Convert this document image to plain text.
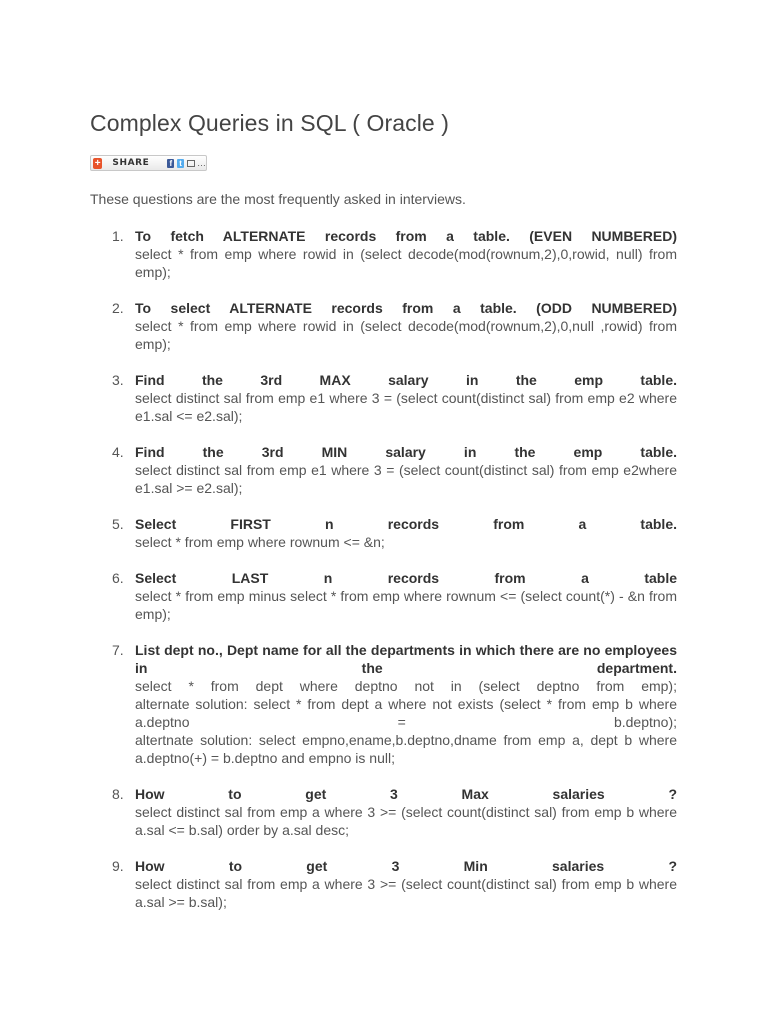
Complex Queries in SQL ( Oracle )
+ SHARE	f t …

These questions are the most frequently asked in interviews.

1. To fetch ALTERNATE records from a table. (EVEN NUMBERED)
select * from emp where rowid in (select decode(mod(rownum,2),0,rowid, null) from emp);
2. To select ALTERNATE records from a table. (ODD NUMBERED)
select * from emp where rowid in (select decode(mod(rownum,2),0,null ,rowid) from emp);
3. Find the 3rd MAX salary in the emp table.
select distinct sal from emp e1 where 3 = (select count(distinct sal) from emp e2 where e1.sal <= e2.sal);
4. Find the 3rd MIN salary in the emp table.
select distinct sal from emp e1 where 3 = (select count(distinct sal) from emp e2where e1.sal >= e2.sal);
5. Select FIRST n records from a table.
select * from emp where rownum <= &n;
6. Select LAST n records from a table
select * from emp minus select * from emp where rownum <= (select count(*) - &n from emp);
7. List dept no., Dept name for all the departments in which there are no employees in the department.
select * from dept where deptno not in (select deptno from emp);
alternate solution: select * from dept a where not exists (select * from emp b where a.deptno = b.deptno);
altertnate solution: select empno,ename,b.deptno,dname from emp a, dept b where a.deptno(+) = b.deptno and empno is null;
8. How to get 3 Max salaries ?
select distinct sal from emp a where 3 >= (select count(distinct sal) from emp b where a.sal <= b.sal) order by a.sal desc;
9. How to get 3 Min salaries ?
select distinct sal from emp a where 3 >= (select count(distinct sal) from emp b where a.sal >= b.sal);
